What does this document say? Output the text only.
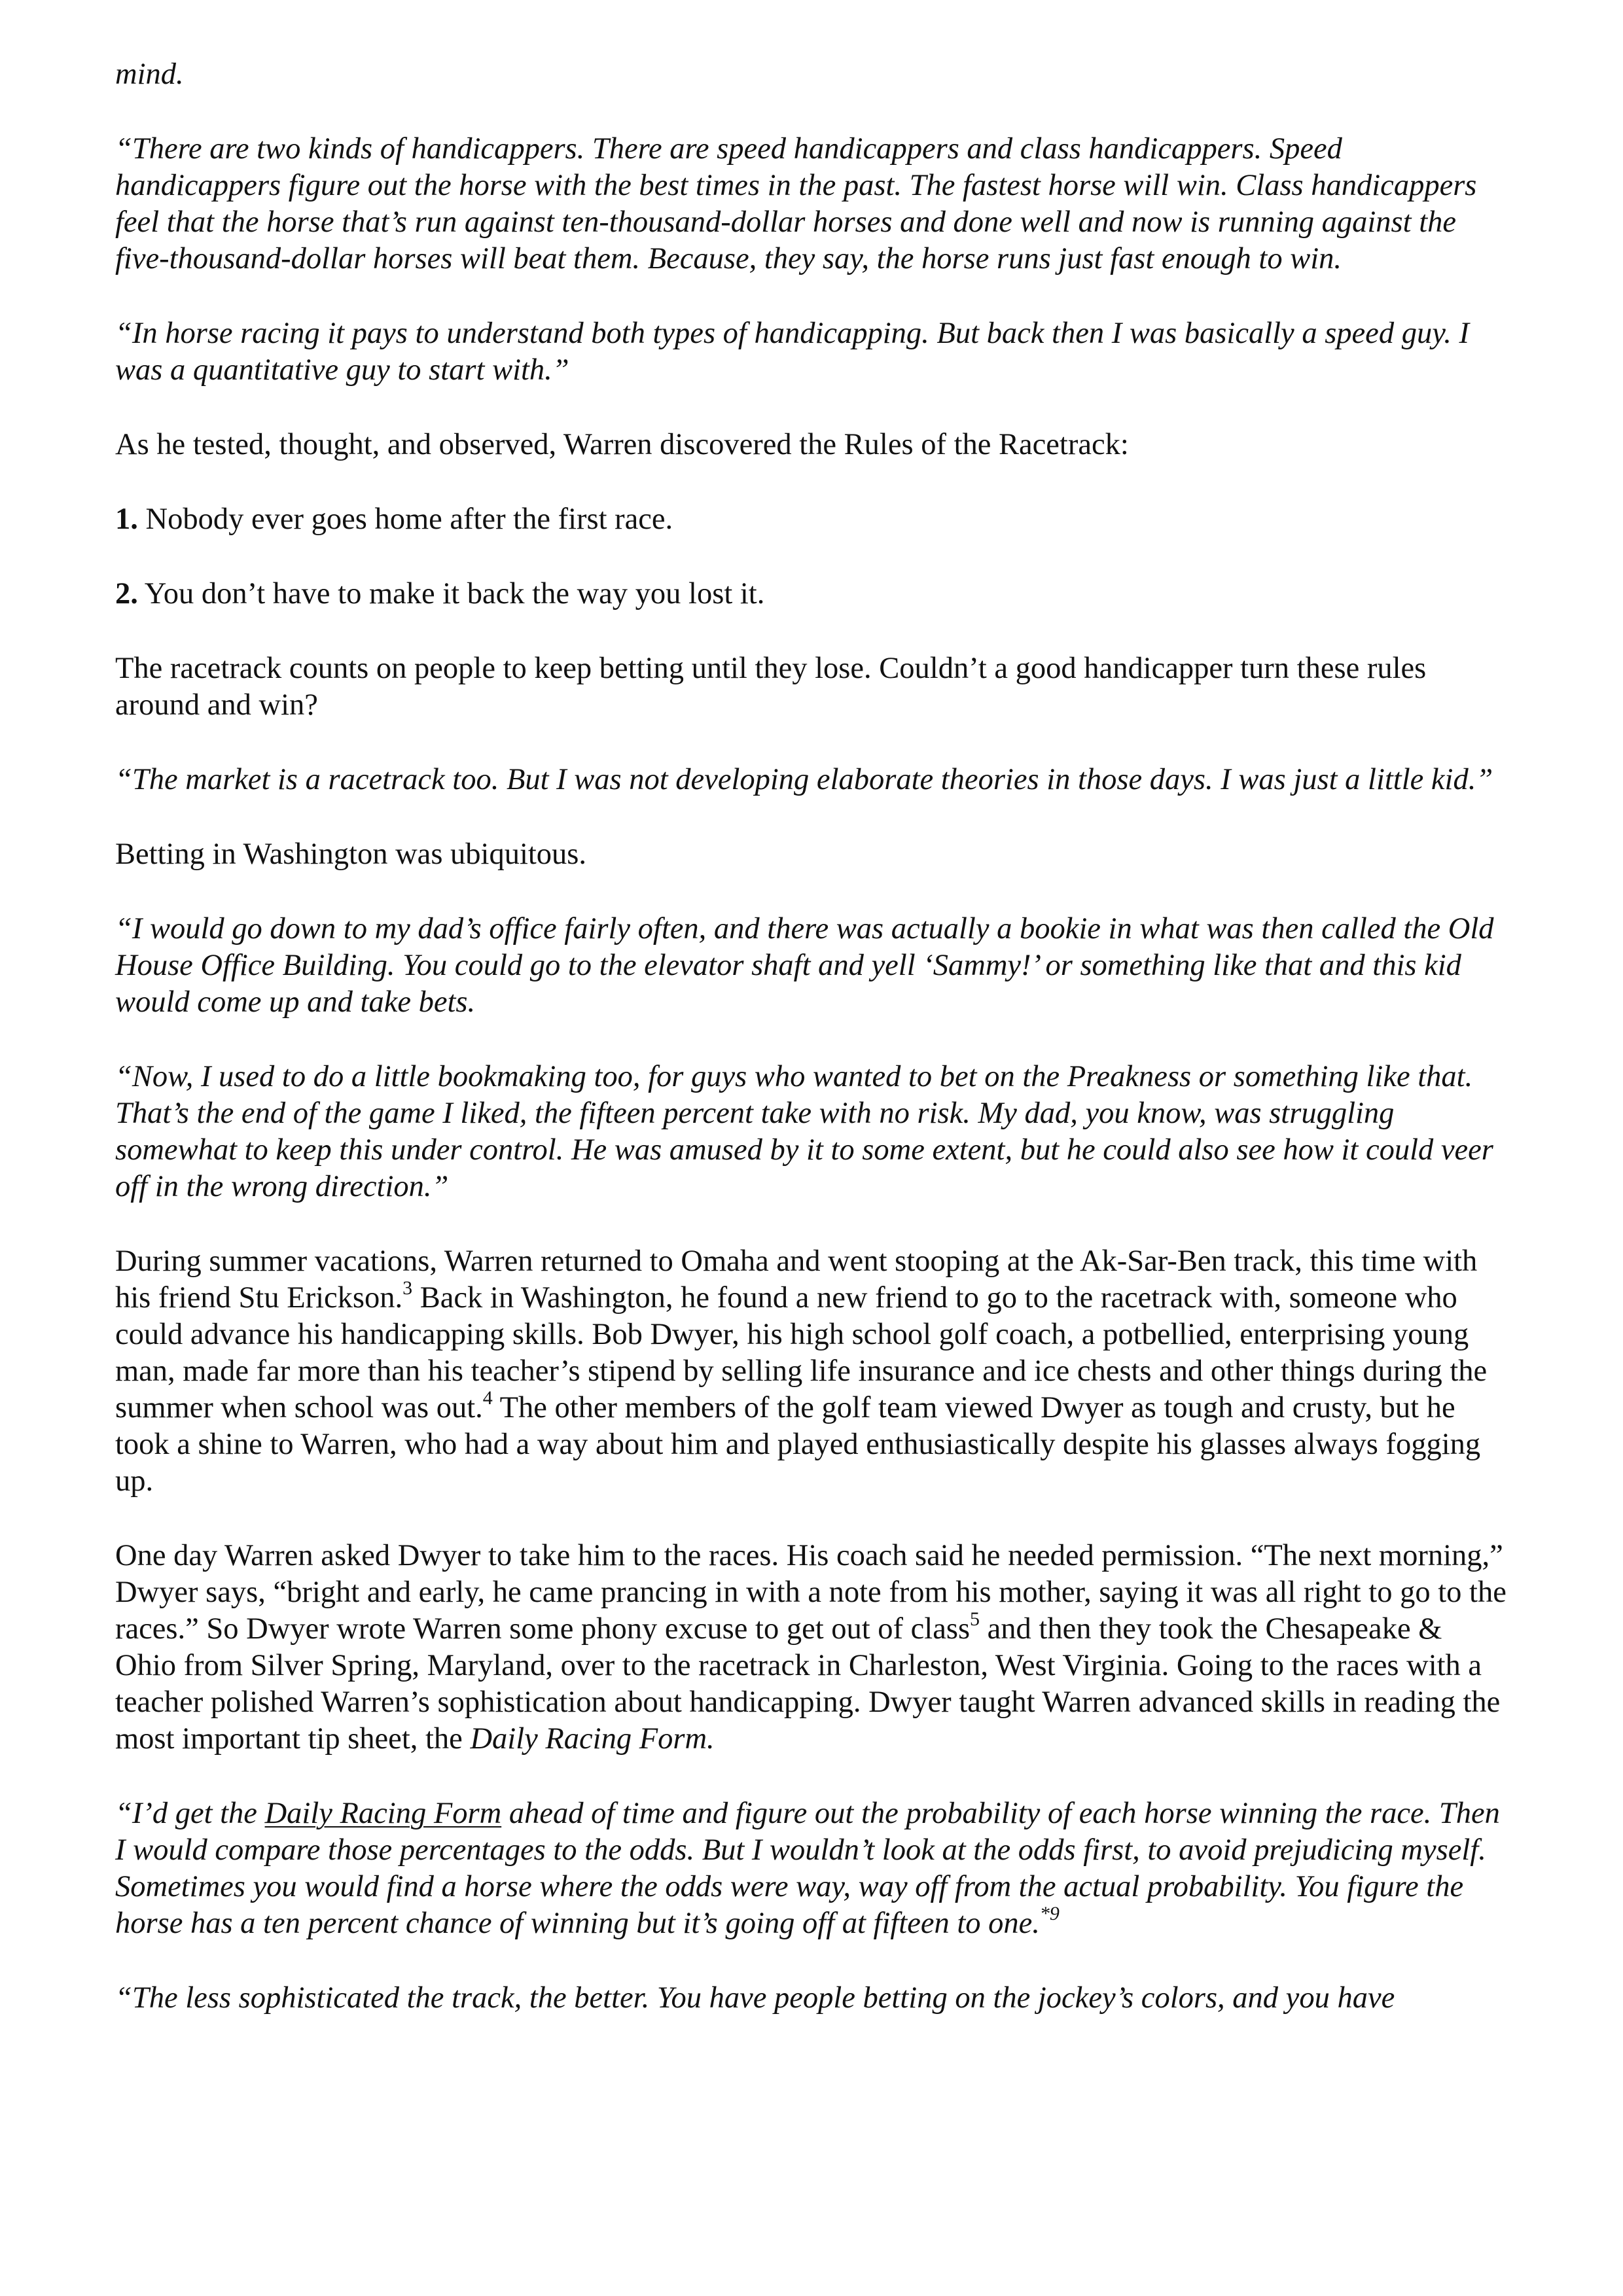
mind.

“There are two kinds of handicappers. There are speed handicappers and class handicappers. Speed handicappers figure out the horse with the best times in the past. The fastest horse will win. Class handicappers feel that the horse that’s run against ten-thousand-dollar horses and done well and now is running against the five-thousand-dollar horses will beat them. Because, they say, the horse runs just fast enough to win.

“In horse racing it pays to understand both types of handicapping. But back then I was basically a speed guy. I was a quantitative guy to start with.”

As he tested, thought, and observed, Warren discovered the Rules of the Racetrack:

1. Nobody ever goes home after the first race.

2. You don’t have to make it back the way you lost it.

The racetrack counts on people to keep betting until they lose. Couldn’t a good handicapper turn these rules around and win?

“The market is a racetrack too. But I was not developing elaborate theories in those days. I was just a little kid.”

Betting in Washington was ubiquitous.

“I would go down to my dad’s office fairly often, and there was actually a bookie in what was then called the Old House Office Building. You could go to the elevator shaft and yell ‘Sammy!’ or something like that and this kid would come up and take bets.

“Now, I used to do a little bookmaking too, for guys who wanted to bet on the Preakness or something like that. That’s the end of the game I liked, the fifteen percent take with no risk. My dad, you know, was struggling somewhat to keep this under control. He was amused by it to some extent, but he could also see how it could veer off in the wrong direction.”

During summer vacations, Warren returned to Omaha and went stooping at the Ak-Sar-Ben track, this time with his friend Stu Erickson.$^3$ Back in Washington, he found a new friend to go to the racetrack with, someone who could advance his handicapping skills. Bob Dwyer, his high school golf coach, a potbellied, enterprising young man, made far more than his teacher’s stipend by selling life insurance and ice chests and other things during the summer when school was out.$^4$ The other members of the golf team viewed Dwyer as tough and crusty, but he took a shine to Warren, who had a way about him and played enthusiastically despite his glasses always fogging up.

One day Warren asked Dwyer to take him to the races. His coach said he needed permission. “The next morning,” Dwyer says, “bright and early, he came prancing in with a note from his mother, saying it was all right to go to the races.” So Dwyer wrote Warren some phony excuse to get out of class$^5$ and then they took the Chesapeake & Ohio from Silver Spring, Maryland, over to the racetrack in Charleston, West Virginia. Going to the races with a teacher polished Warren’s sophistication about handicapping. Dwyer taught Warren advanced skills in reading the most important tip sheet, the Daily Racing Form.

“I’d get the Daily Racing Form ahead of time and figure out the probability of each horse winning the race. Then I would compare those percentages to the odds. But I wouldn’t look at the odds first, to avoid prejudicing myself. Sometimes you would find a horse where the odds were way, way off from the actual probability. You figure the horse has a ten percent chance of winning but it’s going off at fifteen to one.$^{*9}$

“The less sophisticated the track, the better. You have people betting on the jockey’s colors, and you have
